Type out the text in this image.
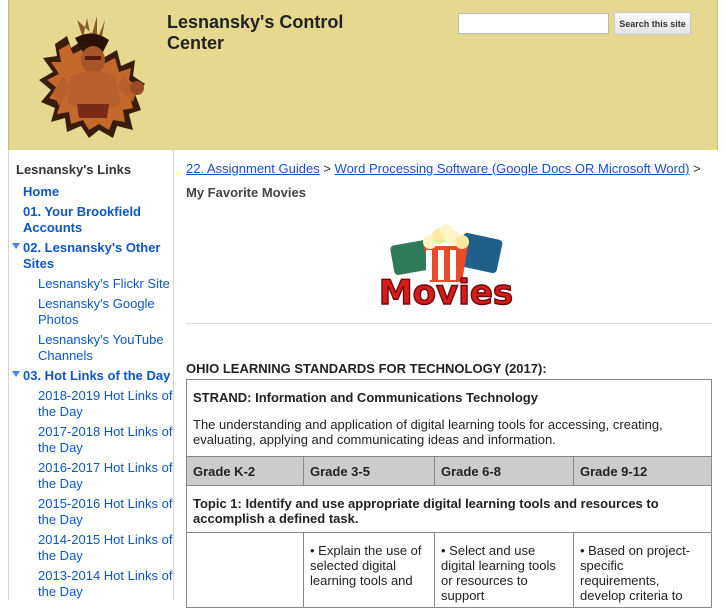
Lesnansky's Control Center
Search this site
Lesnansky's Links
Home
01. Your Brookfield Accounts
02. Lesnansky's Other Sites
Lesnansky's Flickr Site
Lesnansky's Google Photos
Lesnansky's YouTube Channels
03. Hot Links of the Day
2018-2019 Hot Links of the Day
2017-2018 Hot Links of the Day
2016-2017 Hot Links of the Day
2015-2016 Hot Links of the Day
2014-2015 Hot Links of the Day
2013-2014 Hot Links of the Day
22. Assignment Guides > Word Processing Software (Google Docs OR Microsoft Word) >
My Favorite Movies
Movies
OHIO LEARNING STANDARDS FOR TECHNOLOGY (2017):
STRAND: Information and Communications Technology
The understanding and application of digital learning tools for accessing, creating, evaluating, applying and communicating ideas and information.			
Grade K-2	Grade 3-5	Grade 6-8	Grade 9-12
Topic 1: Identify and use appropriate digital learning tools and resources to accomplish a defined task.			
	• Explain the use of selected digital learning tools and	• Select and use digital learning tools or resources to support	• Based on project-specific requirements, develop criteria to
